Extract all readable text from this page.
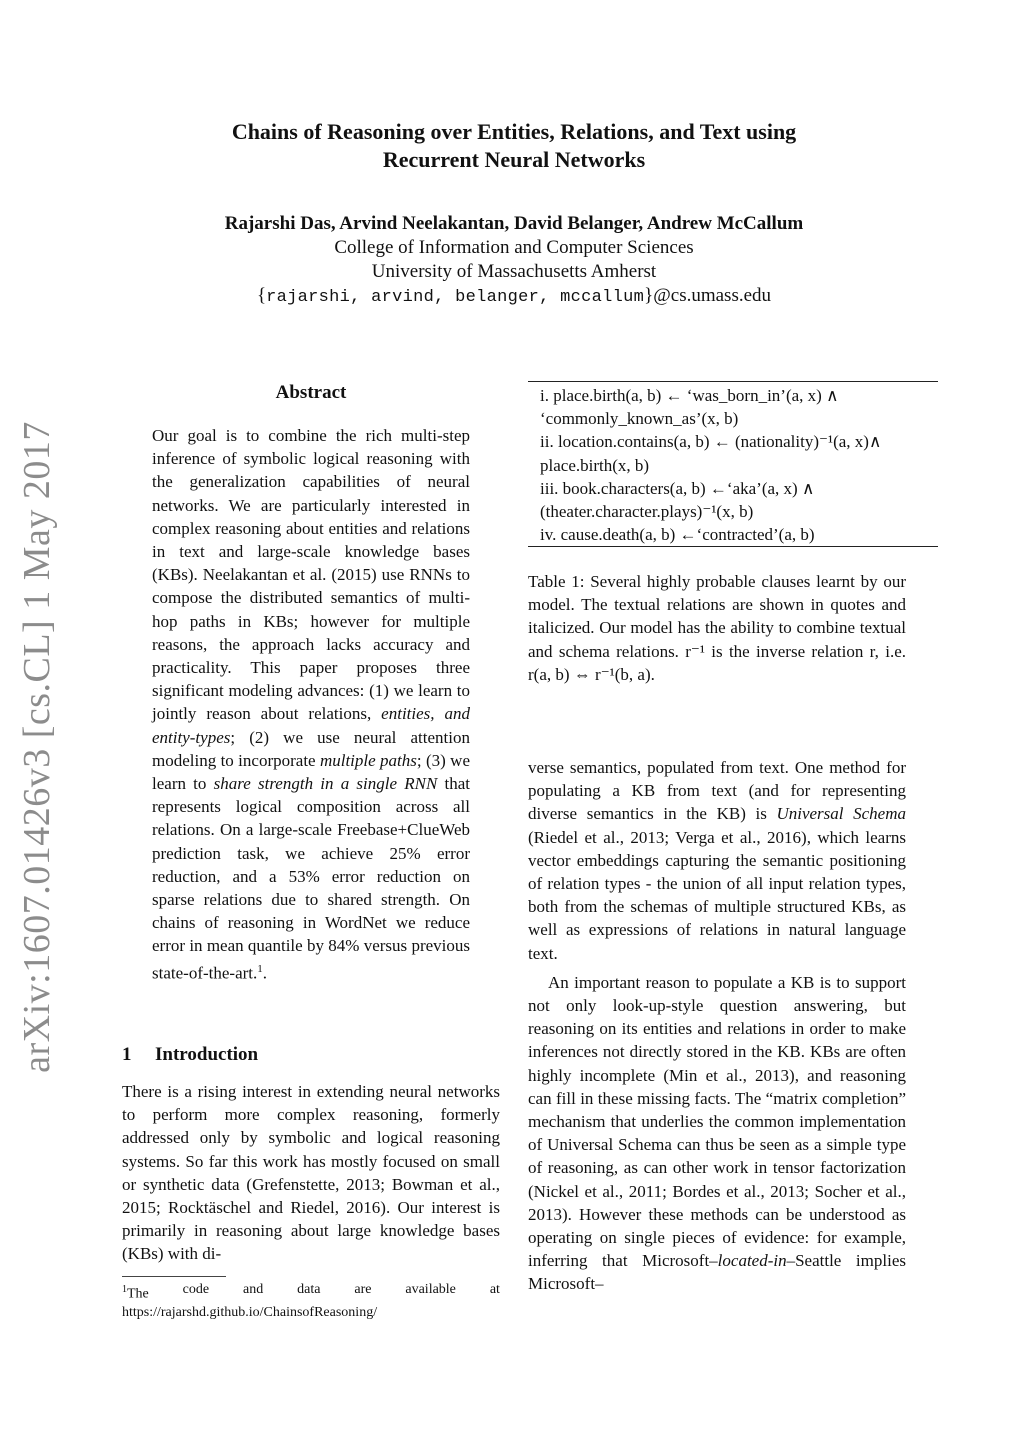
arXiv:1607.01426v3 [cs.CL] 1 May 2017
Chains of Reasoning over Entities, Relations, and Text using
Recurrent Neural Networks
Rajarshi Das, Arvind Neelakantan, David Belanger, Andrew McCallum
College of Information and Computer Sciences
University of Massachusetts Amherst
{rajarshi, arvind, belanger, mccallum}@cs.umass.edu
Abstract
Our goal is to combine the rich multi-step inference of symbolic logical reasoning with the generalization capabilities of neural networks. We are particularly interested in complex reasoning about entities and relations in text and large-scale knowledge bases (KBs). Neelakantan et al. (2015) use RNNs to compose the distributed semantics of multi-hop paths in KBs; however for multiple reasons, the approach lacks accuracy and practicality. This paper proposes three significant modeling advances: (1) we learn to jointly reason about relations, entities, and entity-types; (2) we use neural attention modeling to incorporate multiple paths; (3) we learn to share strength in a single RNN that represents logical composition across all relations. On a large-scale Freebase+ClueWeb prediction task, we achieve 25% error reduction, and a 53% error reduction on sparse relations due to shared strength. On chains of reasoning in WordNet we reduce error in mean quantile by 84% versus previous state-of-the-art.$^1$.
1 Introduction
There is a rising interest in extending neural networks to perform more complex reasoning, formerly addressed only by symbolic and logical reasoning systems. So far this work has mostly focused on small or synthetic data (Grefenstette, 2013; Bowman et al., 2015; Rocktäschel and Riedel, 2016). Our interest is primarily in reasoning about large knowledge bases (KBs) with di-
$^1$The code and data are available at
https://rajarshd.github.io/ChainsofReasoning/
i. place.birth(a, b) ← ‘was_born_in’(a, x) ∧
‘commonly_known_as’(x, b)
ii. location.contains(a, b) ← (nationality)⁻¹(a, x)∧
place.birth(x, b)
iii. book.characters(a, b) ←‘aka’(a, x) ∧
(theater.character.plays)⁻¹(x, b)
iv. cause.death(a, b) ←‘contracted’(a, b)
Table 1: Several highly probable clauses learnt by our model. The textual relations are shown in quotes and italicized. Our model has the ability to combine textual and schema relations. r⁻¹ is the inverse relation r, i.e. r(a, b) ⇔ r⁻¹(b, a).

verse semantics, populated from text. One method for populating a KB from text (and for representing diverse semantics in the KB) is Universal Schema (Riedel et al., 2013; Verga et al., 2016), which learns vector embeddings capturing the semantic positioning of relation types - the union of all input relation types, both from the schemas of multiple structured KBs, as well as expressions of relations in natural language text.

An important reason to populate a KB is to support not only look-up-style question answering, but reasoning on its entities and relations in order to make inferences not directly stored in the KB. KBs are often highly incomplete (Min et al., 2013), and reasoning can fill in these missing facts. The “matrix completion” mechanism that underlies the common implementation of Universal Schema can thus be seen as a simple type of reasoning, as can other work in tensor factorization (Nickel et al., 2011; Bordes et al., 2013; Socher et al., 2013). However these methods can be understood as operating on single pieces of evidence: for example, inferring that Microsoft–located-in–Seattle implies Microsoft–
